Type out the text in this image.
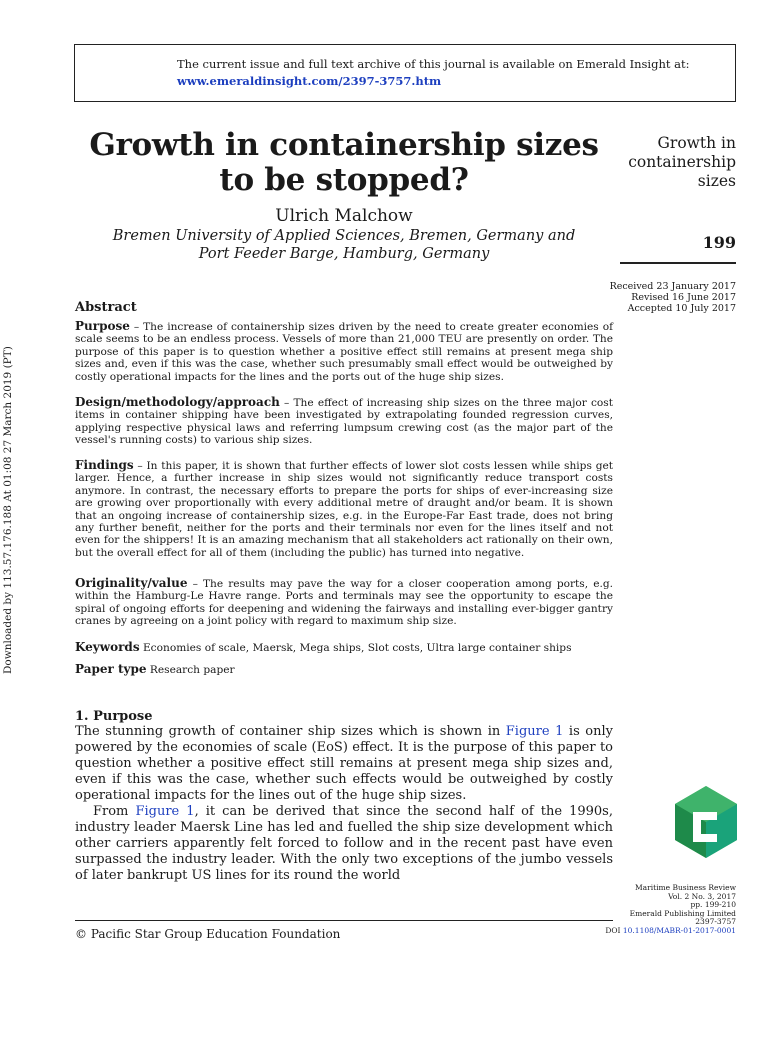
Downloaded by 113.57.176.188 At 01:08 27 March 2019 (PT)
The current issue and full text archive of this journal is available on Emerald Insight at:
www.emeraldinsight.com/2397-3757.htm
Growth in containership sizes
to be stopped?
Ulrich Malchow
Bremen University of Applied Sciences, Bremen, Germany and
Port Feeder Barge, Hamburg, Germany
Growth in
containership
sizes
199
Received 23 January 2017
Revised 16 June 2017
Accepted 10 July 2017
Abstract
Purpose – The increase of containership sizes driven by the need to create greater economies of scale seems to be an endless process. Vessels of more than 21,000 TEU are presently on order. The purpose of this paper is to question whether a positive effect still remains at present mega ship sizes and, even if this was the case, whether such presumably small effect would be outweighed by costly operational impacts for the lines and the ports out of the huge ship sizes.
Design/methodology/approach – The effect of increasing ship sizes on the three major cost items in container shipping have been investigated by extrapolating founded regression curves, applying respective physical laws and referring lumpsum crewing cost (as the major part of the vessel's running costs) to various ship sizes.
Findings – In this paper, it is shown that further effects of lower slot costs lessen while ships get larger. Hence, a further increase in ship sizes would not significantly reduce transport costs anymore. In contrast, the necessary efforts to prepare the ports for ships of ever-increasing size are growing over proportionally with every additional metre of draught and/or beam. It is shown that an ongoing increase of containership sizes, e.g. in the Europe-Far East trade, does not bring any further benefit, neither for the ports and their terminals nor even for the lines itself and not even for the shippers! It is an amazing mechanism that all stakeholders act rationally on their own, but the overall effect for all of them (including the public) has turned into negative.
Originality/value – The results may pave the way for a closer cooperation among ports, e.g. within the Hamburg-Le Havre range. Ports and terminals may see the opportunity to escape the spiral of ongoing efforts for deepening and widening the fairways and installing ever-bigger gantry cranes by agreeing on a joint policy with regard to maximum ship size.
Keywords Economies of scale, Maersk, Mega ships, Slot costs, Ultra large container ships
Paper type Research paper
1. Purpose
The stunning growth of container ship sizes which is shown in Figure 1 is only powered by the economies of scale (EoS) effect. It is the purpose of this paper to question whether a positive effect still remains at present mega ship sizes and, even if this was the case, whether such effects would be outweighed by costly operational impacts for the lines out of the huge ship sizes.
From Figure 1, it can be derived that since the second half of the 1990s, industry leader Maersk Line has led and fuelled the ship size development which other carriers apparently felt forced to follow and in the recent past have even surpassed the industry leader. With the only two exceptions of the jumbo vessels of later bankrupt US lines for its round the world
Maritime Business Review
Vol. 2 No. 3, 2017
pp. 199-210
Emerald Publishing Limited
2397-3757
DOI 10.1108/MABR-01-2017-0001
© Pacific Star Group Education Foundation
